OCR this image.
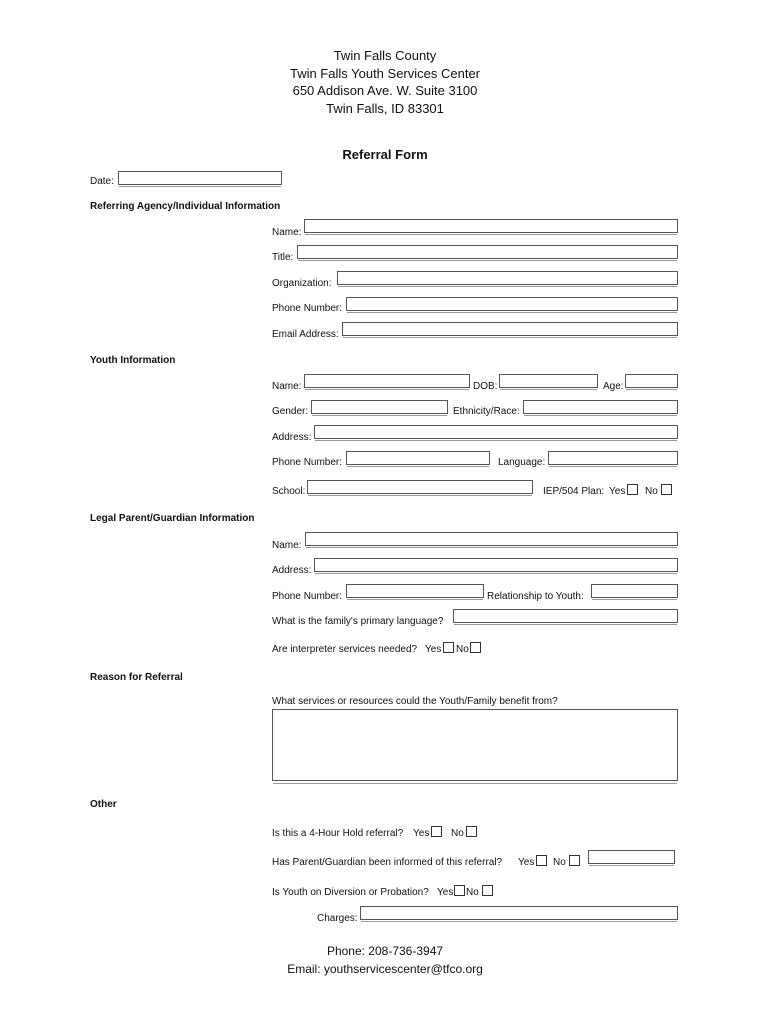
Twin Falls County
Twin Falls Youth Services Center
650 Addison Ave. W. Suite 3100
Twin Falls, ID 83301
Referral Form
Date:
Referring Agency/Individual Information
Name:
Title:
Organization:
Phone Number:
Email Address:
Youth Information
Name:	DOB:	Age:
Gender:	Ethnicity/Race:
Address:
Phone Number:	Language:
School:	IEP/504 Plan: Yes No
Legal Parent/Guardian Information
Name:
Address:
Phone Number:	Relationship to Youth:
What is the family's primary language?
Are interpreter services needed? Yes No
Reason for Referral
What services or resources could the Youth/Family benefit from?
Other
Is this a 4-Hour Hold referral? Yes No
Has Parent/Guardian been informed of this referral? Yes No
Is Youth on Diversion or Probation? Yes No
Charges:
Phone: 208-736-3947
Email: youthservicescenter@tfco.org
